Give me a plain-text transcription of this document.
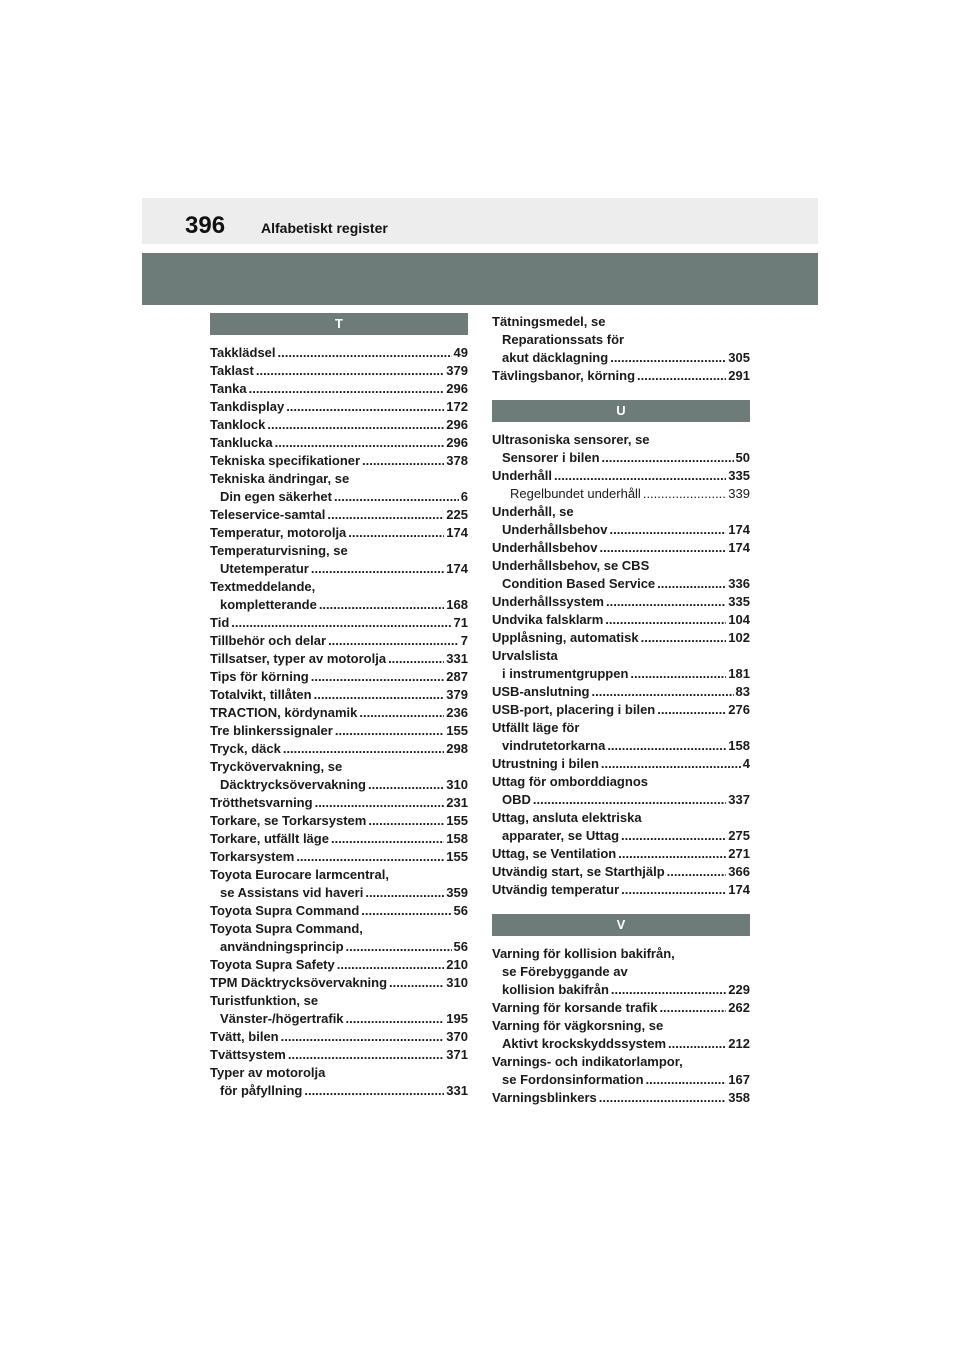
396	Alfabetiskt register
T
Takklädsel .....	49
Taklast .....	379
Tanka .....	296
Tankdisplay .....	172
Tanklock .....	296
Tanklucka .....	296
Tekniska specifikationer .....	378
Tekniska ändringar, se
Din egen säkerhet .....	6
Teleservice-samtal .....	225
Temperatur, motorolja .....	174
Temperaturvisning, se
Utetemperatur .....	174
Textmeddelande,
kompletterande .....	168
Tid .....	71
Tillbehör och delar .....	7
Tillsatser, typer av motorolja .....	331
Tips för körning .....	287
Totalvikt, tillåten .....	379
TRACTION, kördynamik .....	236
Tre blinkerssignaler .....	155
Tryck, däck .....	298
Tryckövervakning, se
Däcktrycksövervakning .....	310
Trötthetsvarning .....	231
Torkare, se Torkarsystem .....	155
Torkare, utfällt läge .....	158
Torkarsystem .....	155
Toyota Eurocare larmcentral,
se Assistans vid haveri .....	359
Toyota Supra Command .....	56
Toyota Supra Command,
användningsprincip .....	56
Toyota Supra Safety .....	210
TPM Däcktrycksövervakning .....	310
Turistfunktion, se
Vänster-/högertrafik .....	195
Tvätt, bilen .....	370
Tvättsystem .....	371
Typer av motorolja
för påfyllning .....	331
Tätningsmedel, se
Reparationssats för
akut däcklagning .....	305
Tävlingsbanor, körning .....	291
U
Ultrasoniska sensorer, se
Sensorer i bilen .....	50
Underhåll .....	335
Regelbundet underhåll .....	339
Underhåll, se
Underhållsbehov .....	174
Underhållsbehov .....	174
Underhållsbehov, se CBS
Condition Based Service .....	336
Underhållssystem .....	335
Undvika falsklarm .....	104
Upplåsning, automatisk .....	102
Urvalslista
i instrumentgruppen .....	181
USB-anslutning .....	83
USB-port, placering i bilen .....	276
Utfällt läge för
vindrutetorkarna .....	158
Utrustning i bilen .....	4
Uttag för omborddiagnos
OBD .....	337
Uttag, ansluta elektriska
apparater, se Uttag .....	275
Uttag, se Ventilation .....	271
Utvändig start, se Starthjälp .....	366
Utvändig temperatur .....	174
V
Varning för kollision bakifrån,
se Förebyggande av
kollision bakifrån .....	229
Varning för korsande trafik .....	262
Varning för vägkorsning, se
Aktivt krockskyddssystem .....	212
Varnings- och indikatorlampor,
se Fordonsinformation .....	167
Varningsblinkers .....	358
